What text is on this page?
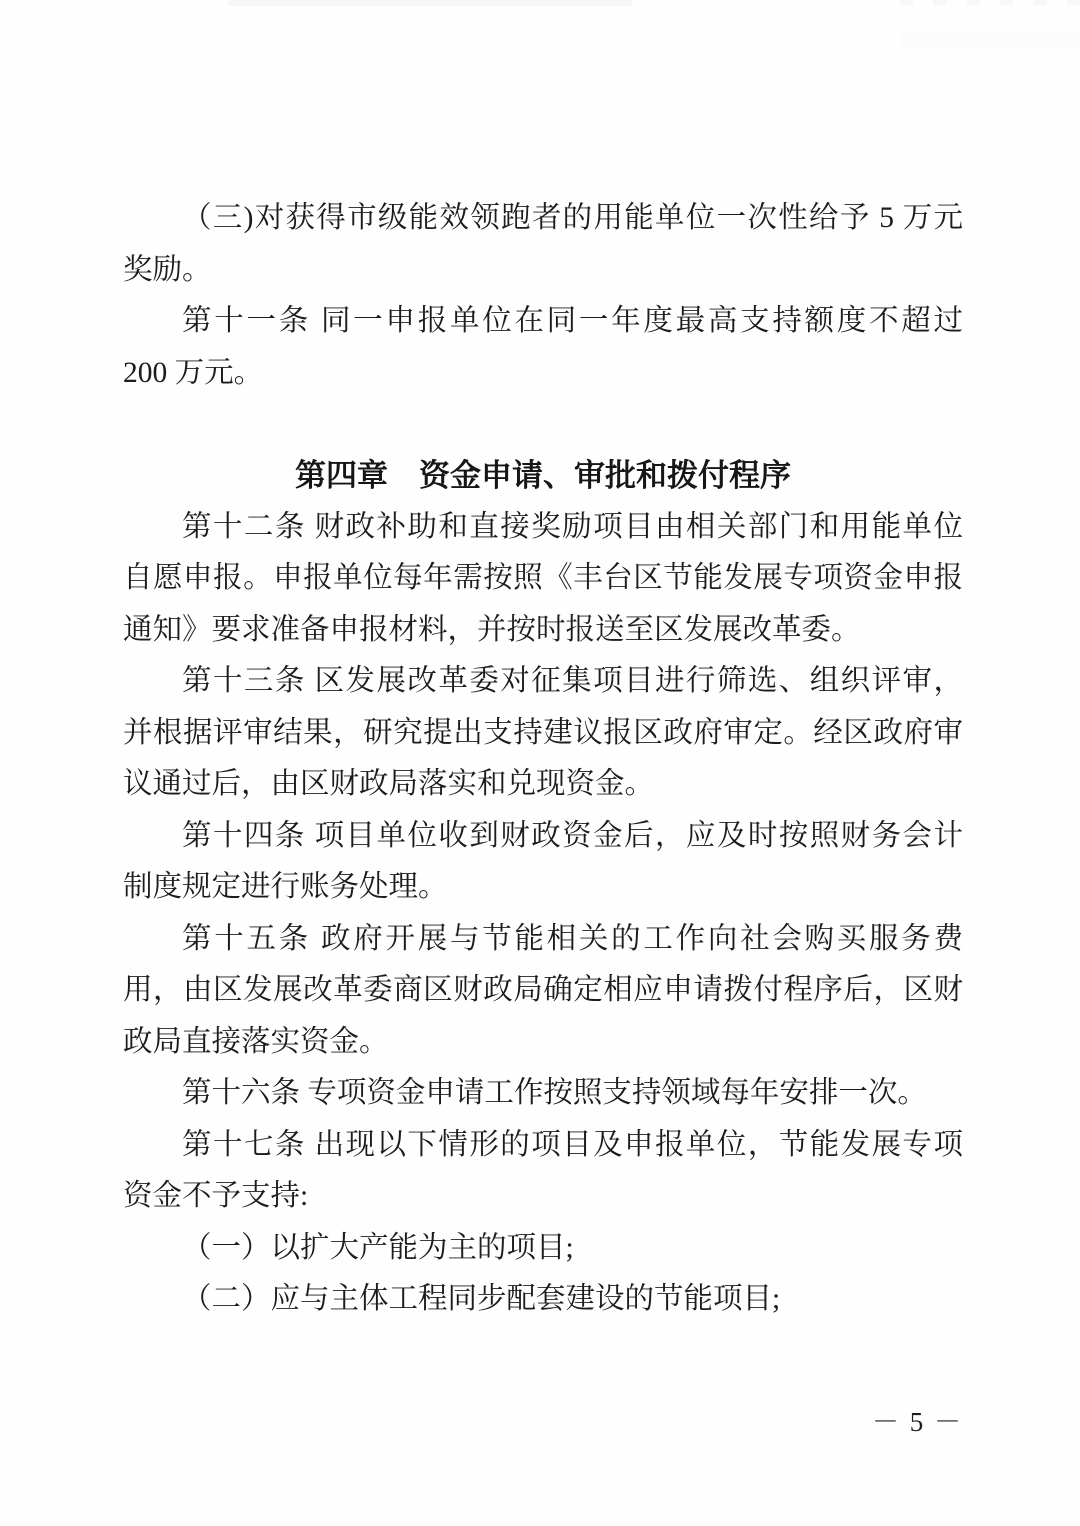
（三)对获得市级能效领跑者的用能单位一次性给予 5 万元
奖励。
第十一条 同一申报单位在同一年度最高支持额度不超过
200 万元。
第四章　资金申请、审批和拨付程序
第十二条 财政补助和直接奖励项目由相关部门和用能单位
自愿申报。申报单位每年需按照《丰台区节能发展专项资金申报
通知》要求准备申报材料，并按时报送至区发展改革委。
第十三条 区发展改革委对征集项目进行筛选、组织评审，
并根据评审结果，研究提出支持建议报区政府审定。经区政府审
议通过后，由区财政局落实和兑现资金。
第十四条 项目单位收到财政资金后，应及时按照财务会计
制度规定进行账务处理。
第十五条 政府开展与节能相关的工作向社会购买服务费
用，由区发展改革委商区财政局确定相应申请拨付程序后，区财
政局直接落实资金。
第十六条 专项资金申请工作按照支持领域每年安排一次。
第十七条 出现以下情形的项目及申报单位，节能发展专项
资金不予支持:
（一）以扩大产能为主的项目;
（二）应与主体工程同步配套建设的节能项目;
－ 5 －
